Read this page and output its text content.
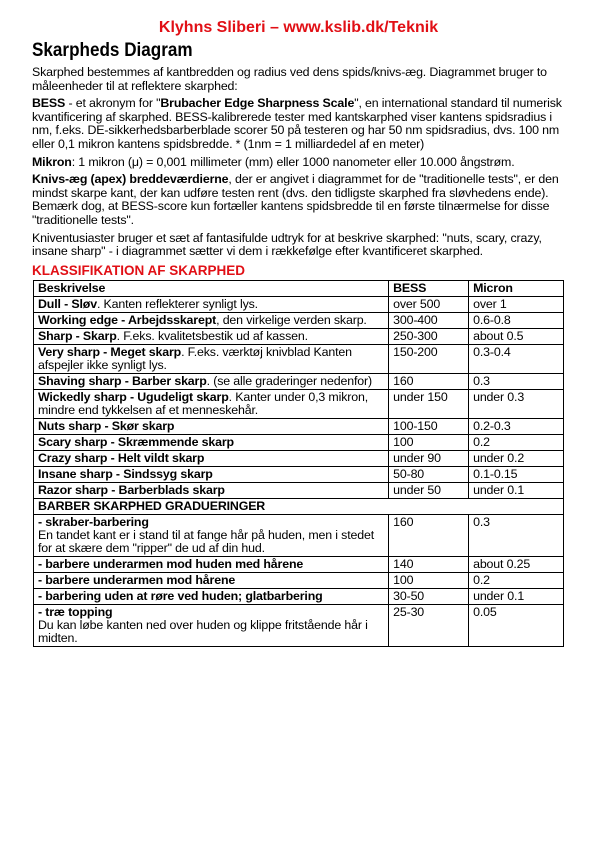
Klyhns Sliberi – www.kslib.dk/Teknik
Skarpheds Diagram

Skarphed bestemmes af kantbredden og radius ved dens spids/knivs-æg. Diagrammet bruger to måleenheder til at reflektere skarphed:

BESS - et akronym for "Brubacher Edge Sharpness Scale", en international standard til numerisk kvantificering af skarphed. BESS-kalibrerede tester med kantskarphed viser kantens spidsradius i nm, f.eks. DE-sikkerhedsbarberblade scorer 50 på testeren og har 50 nm spidsradius, dvs. 100 nm eller 0,1 mikron kantens spidsbredde. * (1nm = 1 milliardedel af en meter)

Mikron: 1 mikron (μ) = 0,001 millimeter (mm) eller 1000 nanometer eller 10.000 ångstrøm.

Knivs-æg (apex) breddeværdierne, der er angivet i diagrammet for de "traditionelle tests", er den mindst skarpe kant, der kan udføre testen rent (dvs. den tidligste skarphed fra sløvhedens ende). Bemærk dog, at BESS-score kun fortæller kantens spidsbredde til en første tilnærmelse for disse "traditionelle tests".

Kniventusiaster bruger et sæt af fantasifulde udtryk for at beskrive skarphed: "nuts, scary, crazy, insane sharp" - i diagrammet sætter vi dem i rækkefølge efter kvantificeret skarphed.

KLASSIFIKATION AF SKARPHED
Beskrivelse	BESS	Micron
Dull - Sløv. Kanten reflekterer synligt lys.	over 500	over 1
Working edge - Arbejdsskarept, den virkelige verden skarp.	300-400	0.6-0.8
Sharp - Skarp. F.eks. kvalitetsbestik ud af kassen.	250-300	about 0.5
Very sharp - Meget skarp. F.eks. værktøj knivblad Kanten afspejler ikke synligt lys.	150-200	0.3-0.4
Shaving sharp - Barber skarp. (se alle graderinger nedenfor)	160	0.3
Wickedly sharp - Ugudeligt skarp. Kanter under 0,3 mikron, mindre end tykkelsen af et menneskehår.	under 150	under 0.3
Nuts sharp - Skør skarp	100-150	0.2-0.3
Scary sharp - Skræmmende skarp	100	0.2
Crazy sharp - Helt vildt skarp	under 90	under 0.2
Insane sharp - Sindssyg skarp	50-80	0.1-0.15
Razor sharp - Barberblads skarp	under 50	under 0.1
BARBER SKARPHED GRADUERINGER		
- skraber-barbering
En tandet kant er i stand til at fange hår på huden, men i stedet for at skære dem "ripper" de ud af din hud.	160	0.3
- barbere underarmen mod huden med hårene	140	about 0.25
- barbere underarmen mod hårene	100	0.2
- barbering uden at røre ved huden; glatbarbering	30-50	under 0.1
- træ topping
Du kan løbe kanten ned over huden og klippe fritstående hår i midten.	25-30	0.05
